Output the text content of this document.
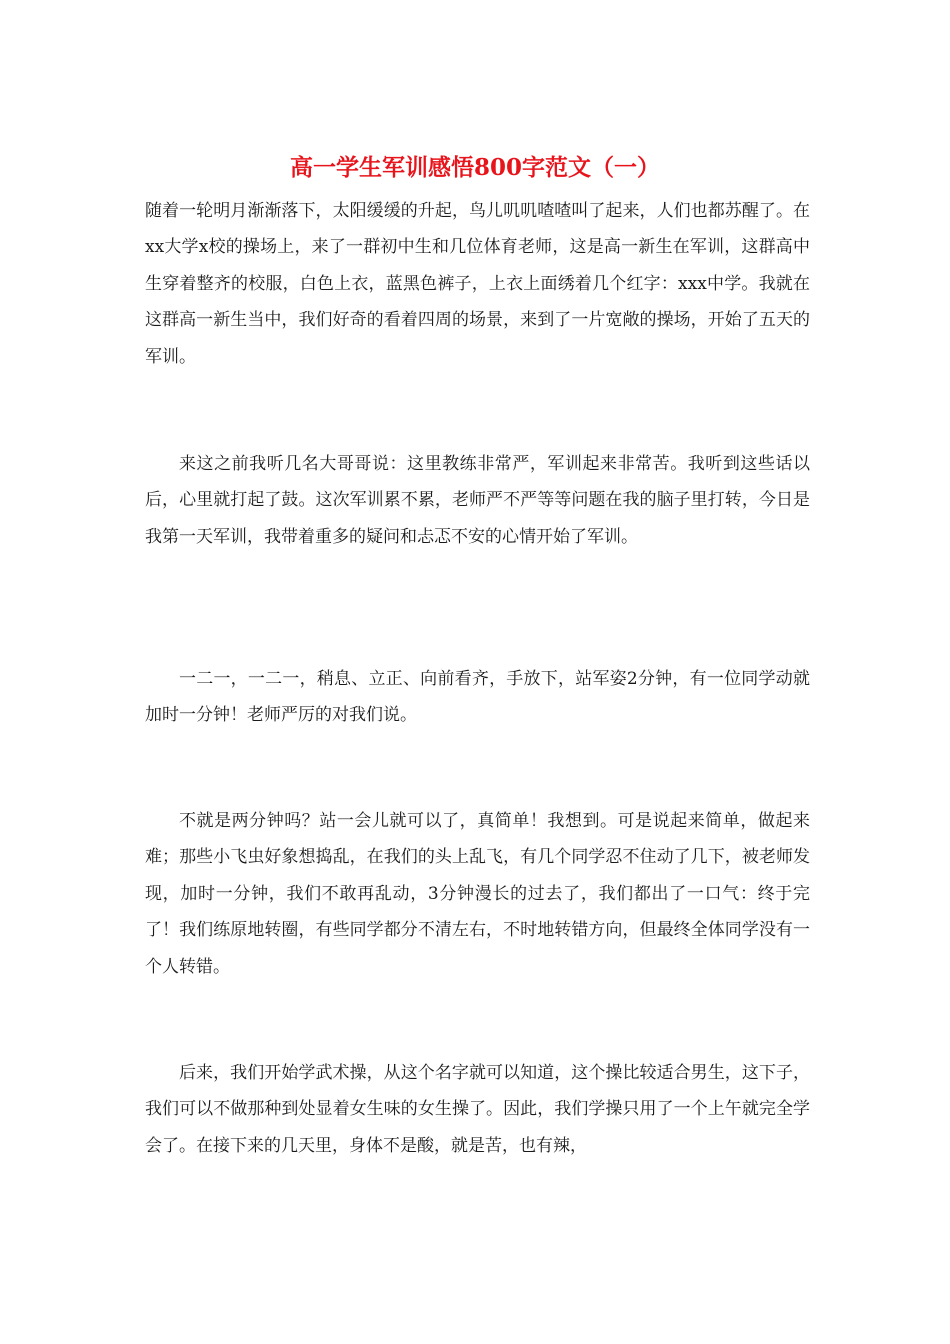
高一学生军训感悟800字范文（一）

随着一轮明月渐渐落下，太阳缓缓的升起，鸟儿叽叽喳喳叫了起来，人们也都苏醒了。在xx大学x校的操场上，来了一群初中生和几位体育老师，这是高一新生在军训，这群高中生穿着整齐的校服，白色上衣，蓝黑色裤子，上衣上面绣着几个红字：xxx中学。我就在这群高一新生当中，我们好奇的看着四周的场景，来到了一片宽敞的操场，开始了五天的军训。

来这之前我听几名大哥哥说：这里教练非常严，军训起来非常苦。我听到这些话以后，心里就打起了鼓。这次军训累不累，老师严不严等等问题在我的脑子里打转，今日是我第一天军训，我带着重多的疑问和忐忑不安的心情开始了军训。

一二一，一二一，稍息、立正、向前看齐，手放下，站军姿2分钟，有一位同学动就加时一分钟！老师严厉的对我们说。

不就是两分钟吗？站一会儿就可以了，真简单！我想到。可是说起来简单，做起来难；那些小飞虫好象想捣乱，在我们的头上乱飞，有几个同学忍不住动了几下，被老师发现，加时一分钟，我们不敢再乱动，3分钟漫长的过去了，我们都出了一口气：终于完了！我们练原地转圈，有些同学都分不清左右，不时地转错方向，但最终全体同学没有一个人转错。

后来，我们开始学武术操，从这个名字就可以知道，这个操比较适合男生，这下子，我们可以不做那种到处显着女生味的女生操了。因此，我们学操只用了一个上午就完全学会了。在接下来的几天里，身体不是酸，就是苦，也有辣，
